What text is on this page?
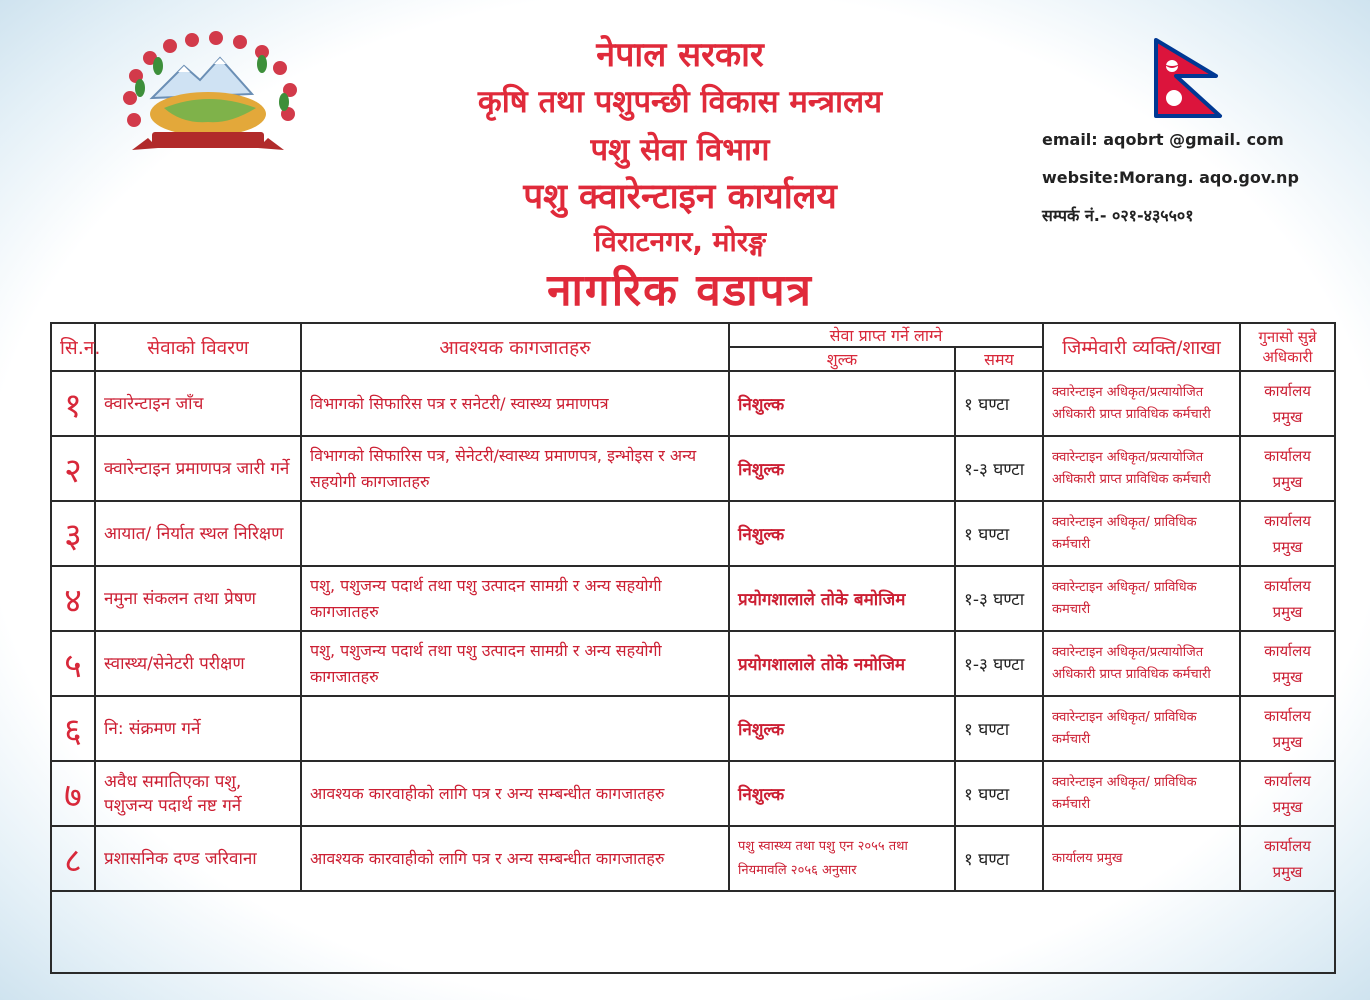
नेपाल सरकार
कृषि तथा पशुपन्छी विकास मन्त्रालय
पशु सेवा विभाग
पशु क्वारेन्टाइन कार्यालय
विराटनगर, मोरङ्ग
नागरिक वडापत्र
email: aqobrt @gmail. com
website:Morang. aqo.gov.np
सम्पर्क नं.- ०२१-४३५५०१
सि.न.	सेवाको विवरण	आवश्यक कागजातहरु	सेवा प्राप्त गर्ने लाग्ने		जिम्मेवारी व्यक्ति/शाखा	गुनासो सुन्ने अधिकारी
			शुल्क	समय		
१	क्वारेन्टाइन जाँच	विभागको सिफारिस पत्र र सनेटरी/ स्वास्थ्य प्रमाणपत्र	निशुल्क	१ घण्टा	क्वारेन्टाइन अधिकृत/प्रत्यायोजित अधिकारी प्राप्त प्राविधिक कर्मचारी	कार्यालय प्रमुख
२	क्वारेन्टाइन प्रमाणपत्र जारी गर्ने	विभागको सिफारिस पत्र, सेनेटरी/स्वास्थ्य प्रमाणपत्र, इन्भोइस र अन्य सहयोगी कागजातहरु	निशुल्क	१-३ घण्टा	क्वारेन्टाइन अधिकृत/प्रत्यायोजित अधिकारी प्राप्त प्राविधिक कर्मचारी	कार्यालय प्रमुख
३	आयात/ निर्यात स्थल निरिक्षण		निशुल्क	१ घण्टा	क्वारेन्टाइन अधिकृत/ प्राविधिक कर्मचारी	कार्यालय प्रमुख
४	नमुना संकलन तथा प्रेषण	पशु, पशुजन्य पदार्थ तथा पशु उत्पादन सामग्री र अन्य सहयोगी कागजातहरु	प्रयोगशालाले तोके बमोजिम	१-३ घण्टा	क्वारेन्टाइन अधिकृत/ प्राविधिक कमचारी	कार्यालय प्रमुख
५	स्वास्थ्य/सेनेटरी परीक्षण	पशु, पशुजन्य पदार्थ तथा पशु उत्पादन सामग्री र अन्य सहयोगी कागजातहरु	प्रयोगशालाले तोके नमोजिम	१-३ घण्टा	क्वारेन्टाइन अधिकृत/प्रत्यायोजित अधिकारी प्राप्त प्राविधिक कर्मचारी	कार्यालय प्रमुख
६	नि: संक्रमण गर्ने		निशुल्क	१ घण्टा	क्वारेन्टाइन अधिकृत/ प्राविधिक कर्मचारी	कार्यालय प्रमुख
७	अवैध समातिएका पशु, पशुजन्य पदार्थ नष्ट गर्ने	आवश्यक कारवाहीको लागि पत्र र अन्य सम्बन्धीत कागजातहरु	निशुल्क	१ घण्टा	क्वारेन्टाइन अधिकृत/ प्राविधिक कर्मचारी	कार्यालय प्रमुख
८	प्रशासनिक दण्ड जरिवाना	आवश्यक कारवाहीको लागि पत्र र अन्य सम्बन्धीत कागजातहरु	पशु स्वास्थ्य तथा पशु एन २०५५ तथा नियमावलि २०५६ अनुसार	१ घण्टा	कार्यालय प्रमुख	कार्यालय प्रमुख
